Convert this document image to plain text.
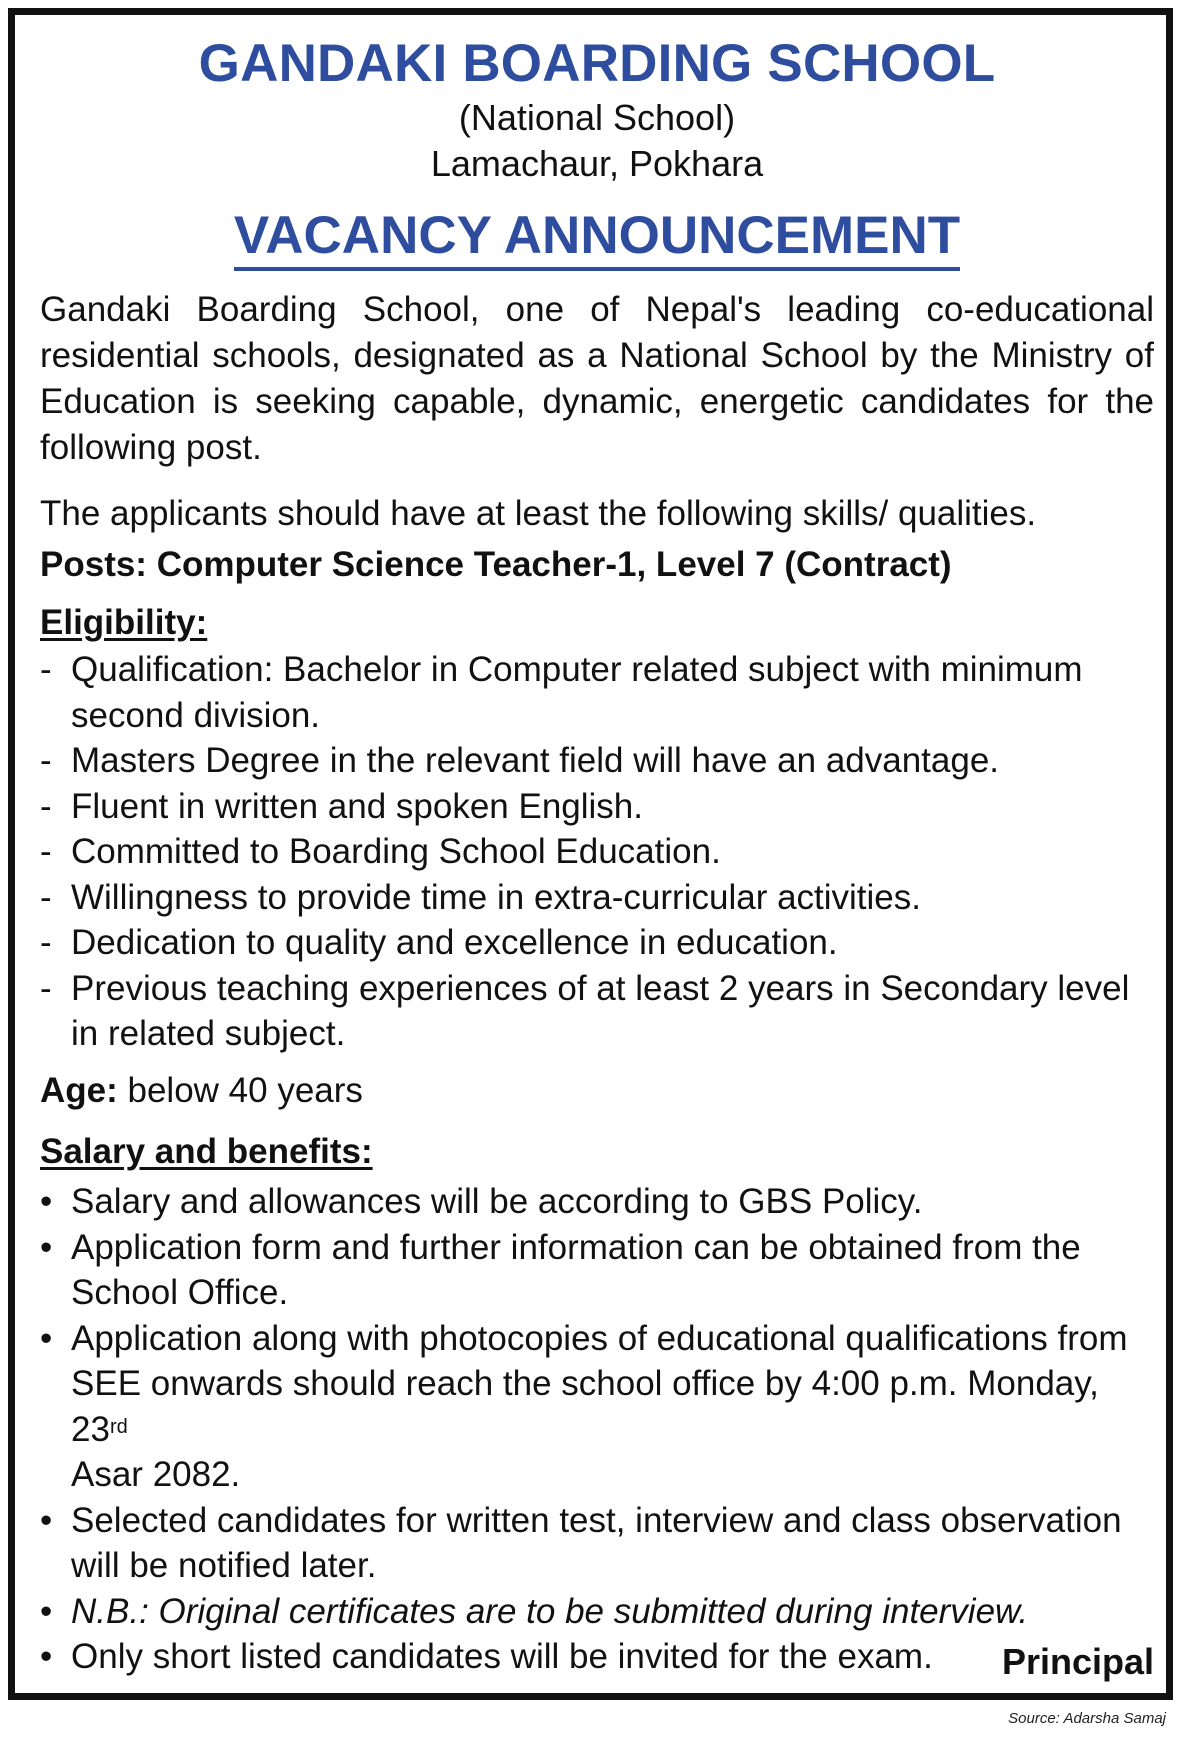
GANDAKI BOARDING SCHOOL
(National School)
Lamachaur, Pokhara
VACANCY ANNOUNCEMENT
Gandaki Boarding School, one of Nepal's leading co-educational residential schools, designated as a National School by the Ministry of Education is seeking capable, dynamic, energetic candidates for the following post.
The applicants should have at least the following skills/ qualities.
Posts: Computer Science Teacher-1, Level 7 (Contract)
Eligibility:
- Qualification: Bachelor in Computer related subject with minimum second division.
- Masters Degree in the relevant field will have an advantage.
- Fluent in written and spoken English.
- Committed to Boarding School Education.
- Willingness to provide time in extra-curricular activities.
- Dedication to quality and excellence in education.
- Previous teaching experiences of at least 2 years in Secondary level in related subject.
Age: below 40 years
Salary and benefits:
• Salary and allowances will be according to GBS Policy.
• Application form and further information can be obtained from the School Office.
• Application along with photocopies of educational qualifications from SEE onwards should reach the school office by 4:00 p.m. Monday, 23rd
Asar 2082.
• Selected candidates for written test, interview and class observation will be notified later.
• N.B.: Original certificates are to be submitted during interview.
• Only short listed candidates will be invited for the exam.	Principal
Source: Adarsha Samaj
